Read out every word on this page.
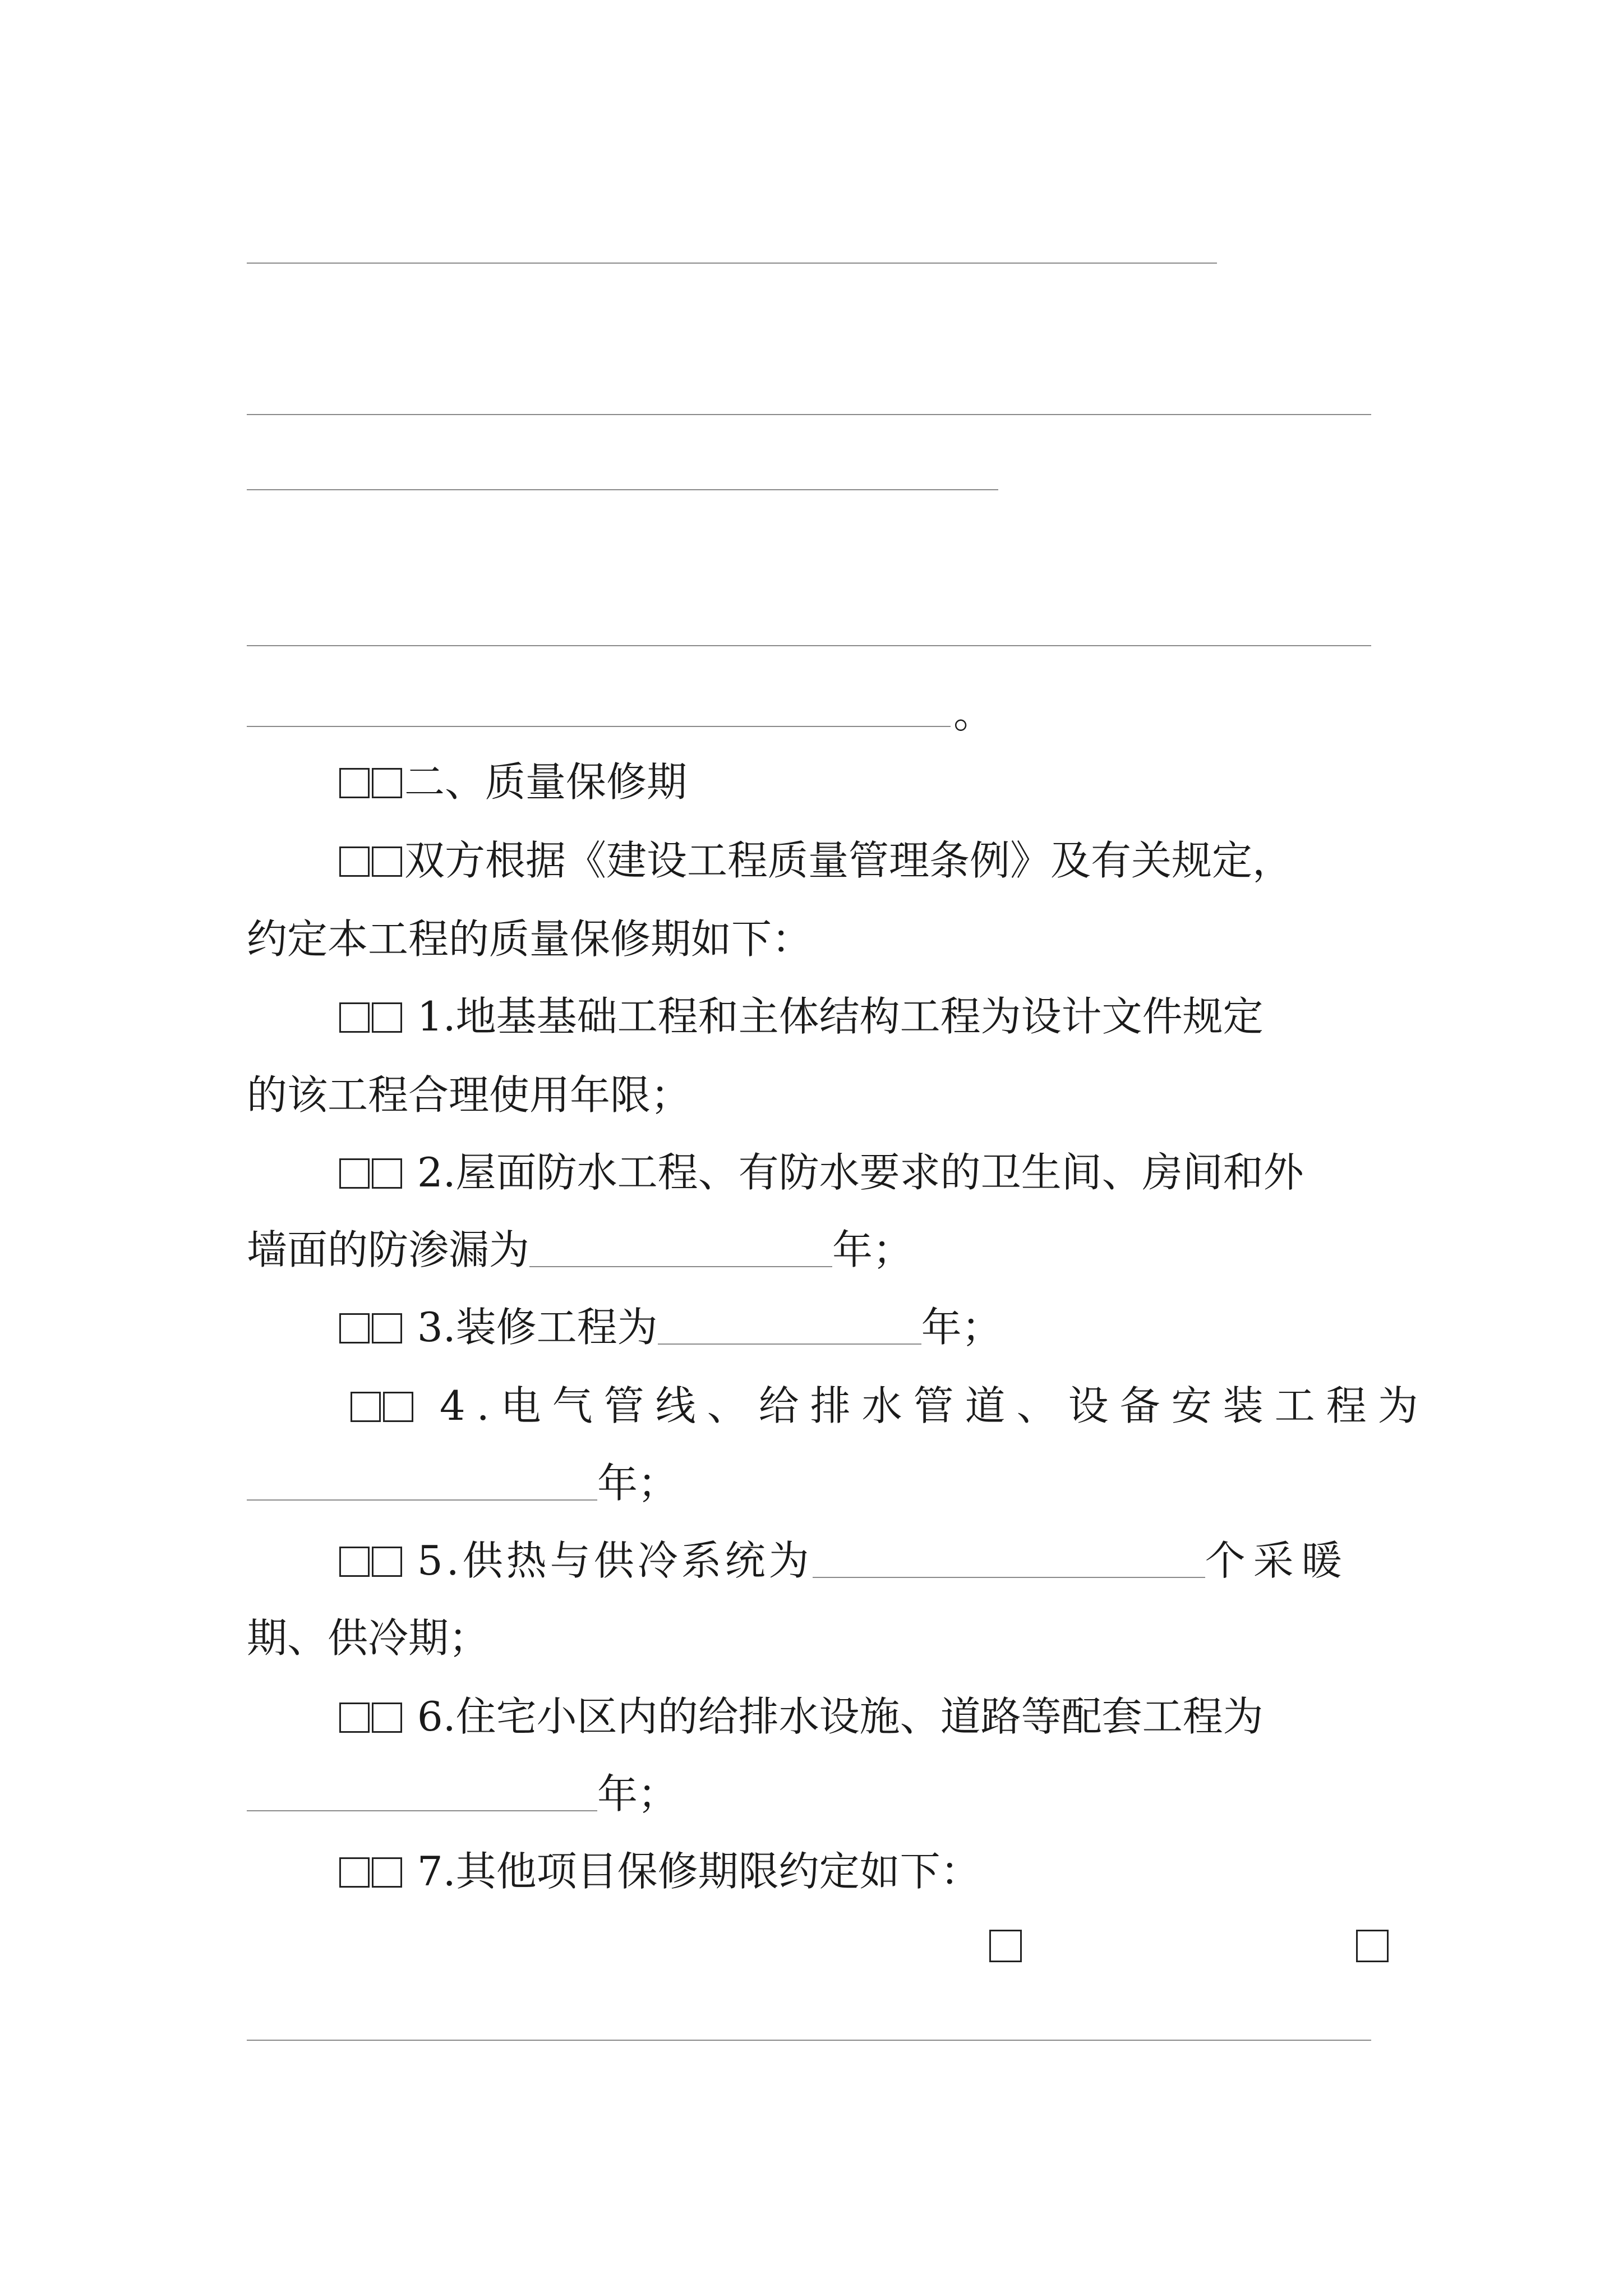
。
二、质量保修期
双方根据《建设工程质量管理条例》及有关规定，
约定本工程的质量保修期如下：
1.地基基础工程和主体结构工程为设计文件规定
的该工程合理使用年限；
2.屋面防水工程、有防水要求的卫生间、房间和外
墙面的防渗漏为	年；
3.装修工程为	年；
4.电气管线、给排水管道、设备安装工程为
年；
5.供热与供冷系统为	个采暖
期、供冷期；
6.住宅小区内的给排水设施、道路等配套工程为
年；
7.其他项目保修期限约定如下：
